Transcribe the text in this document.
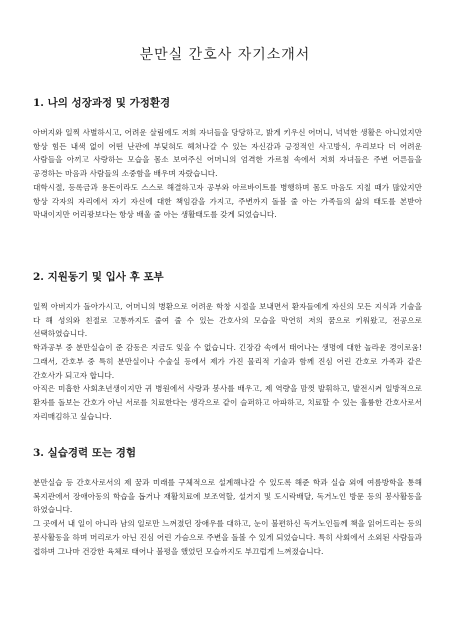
분만실 간호사 자기소개서
1. 나의 성장과정 및 가정환경

아버지와 일찍 사별하시고, 어려운 살림에도 저희 자녀들을 당당하고, 밝게 키우신 어머니, 넉넉한 생활은 아니었지만 항상 힘든 내색 없이 어떤 난관에 부딪혀도 헤쳐나갈 수 있는 자신감과 긍정적인 사고방식, 우리보다 더 어려운 사람들을 아끼고 사랑하는 모습을 몸소 보여주신 어머니의 엄격한 가르침 속에서 저희 자녀들은 주변 어른들을 공경하는 마음과 사람들의 소중함을 배우며 자랐습니다.

대학시절, 등록금과 용돈이라도 스스로 해결하고자 공부와 아르바이트를 병행하며 몸도 마음도 지칠 때가 많았지만 항상 각자의 자리에서 자기 자신에 대한 책임감을 가지고, 주변까지 돌볼 줄 아는 가족들의 삶의 태도를 본받아 막내이지만 어리광보다는 항상 배울 줄 아는 생활태도를 갖게 되었습니다.

2. 지원동기 및 입사 후 포부

일찍 아버지가 돌아가시고, 어머니의 병환으로 어려운 학창 시절을 보내면서 환자들에게 자신의 모든 지식과 기술을 다 해 성의와 친절로 고통까지도 줄여 줄 수 있는 간호사의 모습을 막연히 저의 꿈으로 키워왔고, 전공으로 선택하였습니다.

학과공부 중 분만실습이 준 감동은 지금도 잊을 수 없습니다. 긴장감 속에서 태어나는 생명에 대한 놀라운 경이로움! 그래서, 간호부 중 특히 분만실이나 수술실 등에서 제가 가진 물리적 기술과 함께 진심 어린 간호로 가족과 같은 간호사가 되고자 합니다.

아직은 미흡한 사회초년생이지만 귀 병원에서 사랑과 봉사를 배우고, 제 역량을 맘껏 발휘하고, 발전시켜 일방적으로 환자를 돌보는 간호가 아닌 서로를 치료한다는 생각으로 같이 슬퍼하고 아파하고, 치료할 수 있는 훌륭한 간호사로서 자리매김하고 싶습니다.

3. 실습경력 또는 경험

분만실습 등 간호사로서의 제 꿈과 미래를 구체적으로 설계해나갈 수 있도록 해준 학과 실습 외에 여름방학을 통해 복지관에서 장애아동의 학습을 돕거나 재활치료에 보조역할, 설거지 및 도시락배달, 독거노인 방문 등의 봉사활동을 하였습니다.

그 곳에서 내 일이 아니라 남의 일로만 느껴졌던 장애우를 대하고, 눈이 불편하신 독거노인들께 책을 읽어드리는 등의 봉사활동을 하며 머리로가 아닌 진심 어린 가슴으로 주변을 돌볼 수 있게 되었습니다. 특히 사회에서 소외된 사람들과 접하며 그나마 건강한 육체로 태어나 불평을 했었던 모습까지도 부끄럽게 느껴졌습니다.
